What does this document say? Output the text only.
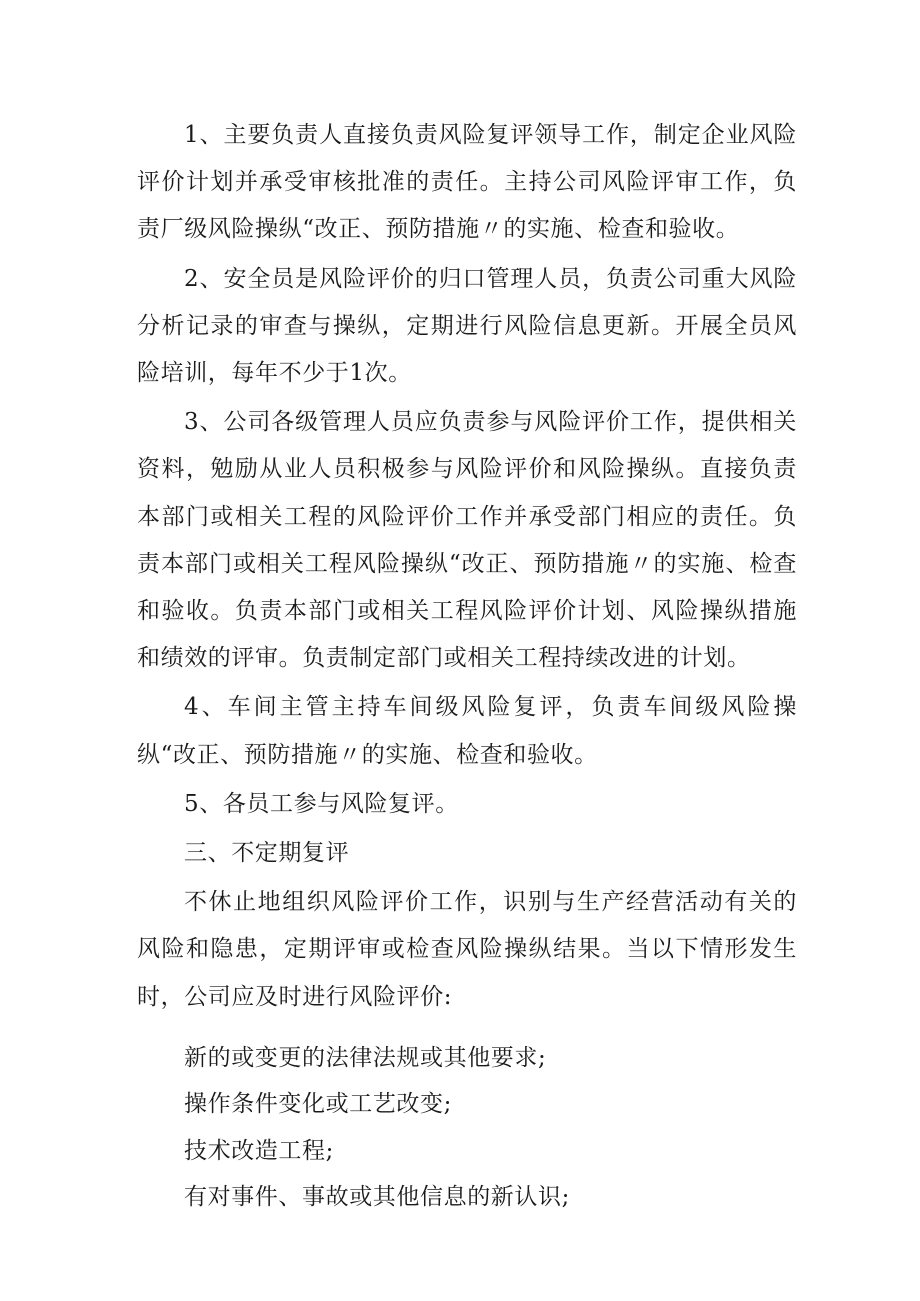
1、主要负责人直接负责风险复评领导工作，制定企业风险评价计划并承受审核批准的责任。主持公司风险评审工作，负责厂级风险操纵“改正、预防措施〃的实施、检查和验收。

2、安全员是风险评价的归口管理人员，负责公司重大风险分析记录的审查与操纵，定期进行风险信息更新。开展全员风险培训，每年不少于1次。

3、公司各级管理人员应负责参与风险评价工作，提供相关资料，勉励从业人员积极参与风险评价和风险操纵。直接负责本部门或相关工程的风险评价工作并承受部门相应的责任。负责本部门或相关工程风险操纵“改正、预防措施〃的实施、检查和验收。负责本部门或相关工程风险评价计划、风险操纵措施和绩效的评审。负责制定部门或相关工程持续改进的计划。

4、车间主管主持车间级风险复评，负责车间级风险操纵“改正、预防措施〃的实施、检查和验收。

5、各员工参与风险复评。

三、不定期复评

不休止地组织风险评价工作，识别与生产经营活动有关的风险和隐患，定期评审或检查风险操纵结果。当以下情形发生时，公司应及时进行风险评价:

新的或变更的法律法规或其他要求;
操作条件变化或工艺改变;
技术改造工程;
有对事件、事故或其他信息的新认识;
